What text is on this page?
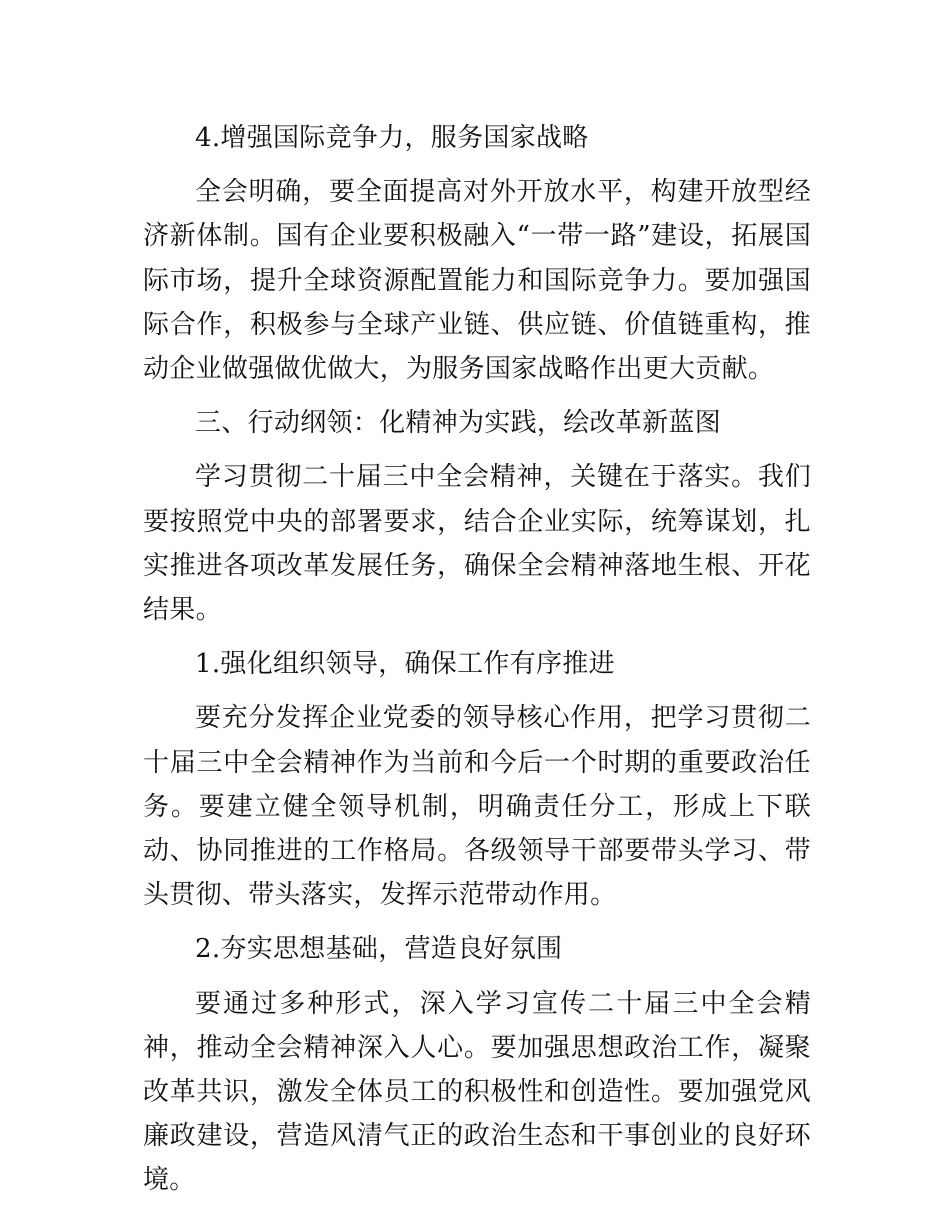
4.增强国际竞争力，服务国家战略
全会明确，要全面提高对外开放水平，构建开放型经济新体制。国有企业要积极融入“一带一路”建设，拓展国际市场，提升全球资源配置能力和国际竞争力。要加强国际合作，积极参与全球产业链、供应链、价值链重构，推动企业做强做优做大，为服务国家战略作出更大贡献。
三、行动纲领：化精神为实践，绘改革新蓝图
学习贯彻二十届三中全会精神，关键在于落实。我们要按照党中央的部署要求，结合企业实际，统筹谋划，扎实推进各项改革发展任务，确保全会精神落地生根、开花结果。
1.强化组织领导，确保工作有序推进
要充分发挥企业党委的领导核心作用，把学习贯彻二十届三中全会精神作为当前和今后一个时期的重要政治任务。要建立健全领导机制，明确责任分工，形成上下联动、协同推进的工作格局。各级领导干部要带头学习、带头贯彻、带头落实，发挥示范带动作用。
2.夯实思想基础，营造良好氛围
要通过多种形式，深入学习宣传二十届三中全会精神，推动全会精神深入人心。要加强思想政治工作，凝聚改革共识，激发全体员工的积极性和创造性。要加强党风廉政建设，营造风清气正的政治生态和干事创业的良好环境。
